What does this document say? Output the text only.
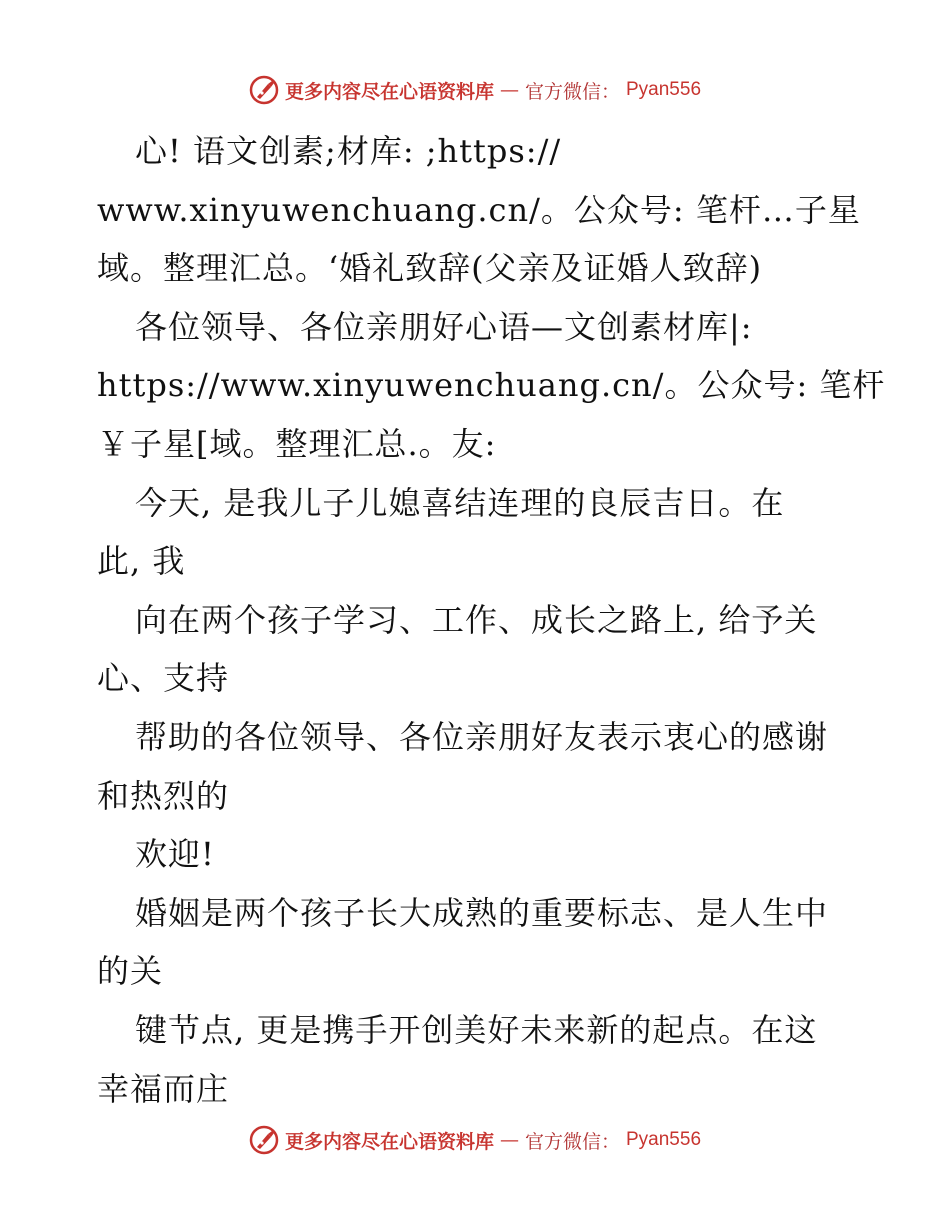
更多内容尽在心语资料库 — 官方微信： Pyan556
心! 语文创素;材库: ;https://
www.xinyuwenchuang.cn/。公众号: 笔杆…子星
域。整理汇总。‘婚礼致辞(父亲及证婚人致辞)
各位领导、各位亲朋好心语—文创素材库|:
https://www.xinyuwenchuang.cn/。公众号: 笔杆
￥子星[域。整理汇总.。友:
今天, 是我儿子儿媳喜结连理的良辰吉日。在
此, 我
向在两个孩子学习、工作、成长之路上, 给予关
心、支持
帮助的各位领导、各位亲朋好友表示衷心的感谢
和热烈的
欢迎!
婚姻是两个孩子长大成熟的重要标志、是人生中
的关
键节点, 更是携手开创美好未来新的起点。在这
幸福而庄
更多内容尽在心语资料库 — 官方微信： Pyan556
